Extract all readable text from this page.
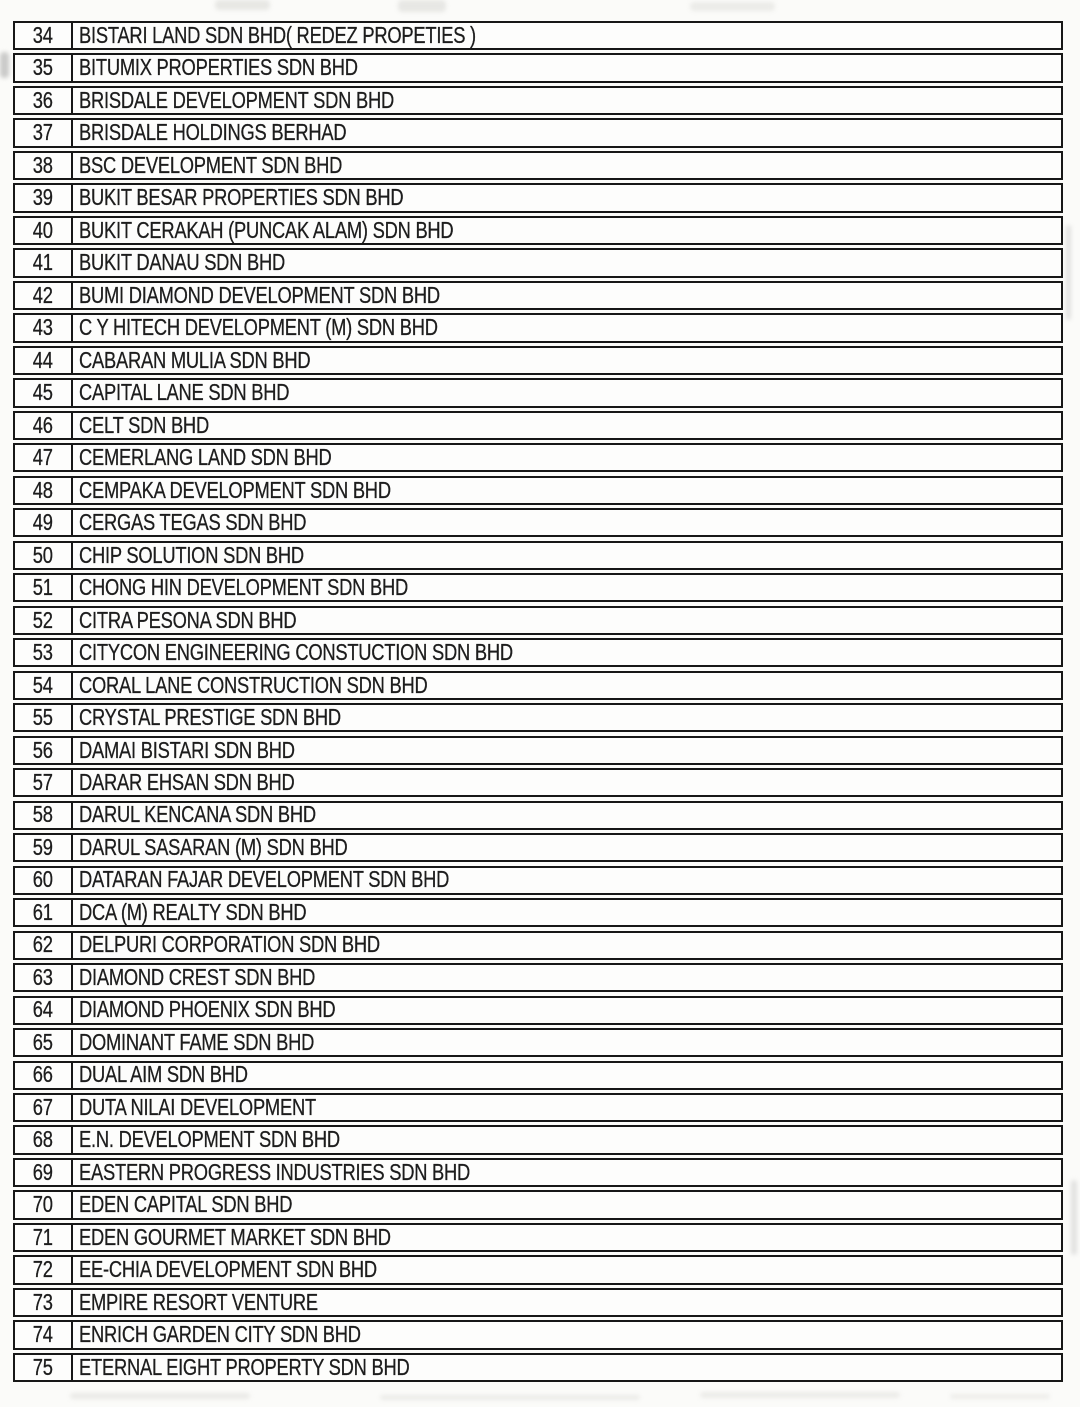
34 BISTARI LAND SDN BHD( REDEZ PROPETIES )
35 BITUMIX PROPERTIES SDN BHD
36 BRISDALE DEVELOPMENT SDN BHD
37 BRISDALE HOLDINGS BERHAD
38 BSC DEVELOPMENT SDN BHD
39 BUKIT BESAR PROPERTIES SDN BHD
40 BUKIT CERAKAH (PUNCAK ALAM) SDN BHD
41 BUKIT DANAU SDN BHD
42 BUMI DIAMOND DEVELOPMENT SDN BHD
43 C Y HITECH DEVELOPMENT (M) SDN BHD
44 CABARAN MULIA SDN BHD
45 CAPITAL LANE SDN BHD
46 CELT SDN BHD
47 CEMERLANG LAND SDN BHD
48 CEMPAKA DEVELOPMENT SDN BHD
49 CERGAS TEGAS SDN BHD
50 CHIP SOLUTION SDN BHD
51 CHONG HIN DEVELOPMENT SDN BHD
52 CITRA PESONA SDN BHD
53 CITYCON ENGINEERING CONSTUCTION SDN BHD
54 CORAL LANE CONSTRUCTION SDN BHD
55 CRYSTAL PRESTIGE SDN BHD
56 DAMAI BISTARI SDN BHD
57 DARAR EHSAN SDN BHD
58 DARUL KENCANA SDN BHD
59 DARUL SASARAN (M) SDN BHD
60 DATARAN FAJAR DEVELOPMENT SDN BHD
61 DCA (M) REALTY SDN BHD
62 DELPURI CORPORATION SDN BHD
63 DIAMOND CREST SDN BHD
64 DIAMOND PHOENIX SDN BHD
65 DOMINANT FAME SDN BHD
66 DUAL AIM SDN BHD
67 DUTA NILAI DEVELOPMENT
68 E.N. DEVELOPMENT SDN BHD
69 EASTERN PROGRESS INDUSTRIES SDN BHD
70 EDEN CAPITAL SDN BHD
71 EDEN GOURMET MARKET SDN BHD
72 EE-CHIA DEVELOPMENT SDN BHD
73 EMPIRE RESORT VENTURE
74 ENRICH GARDEN CITY SDN BHD
75 ETERNAL EIGHT PROPERTY SDN BHD
